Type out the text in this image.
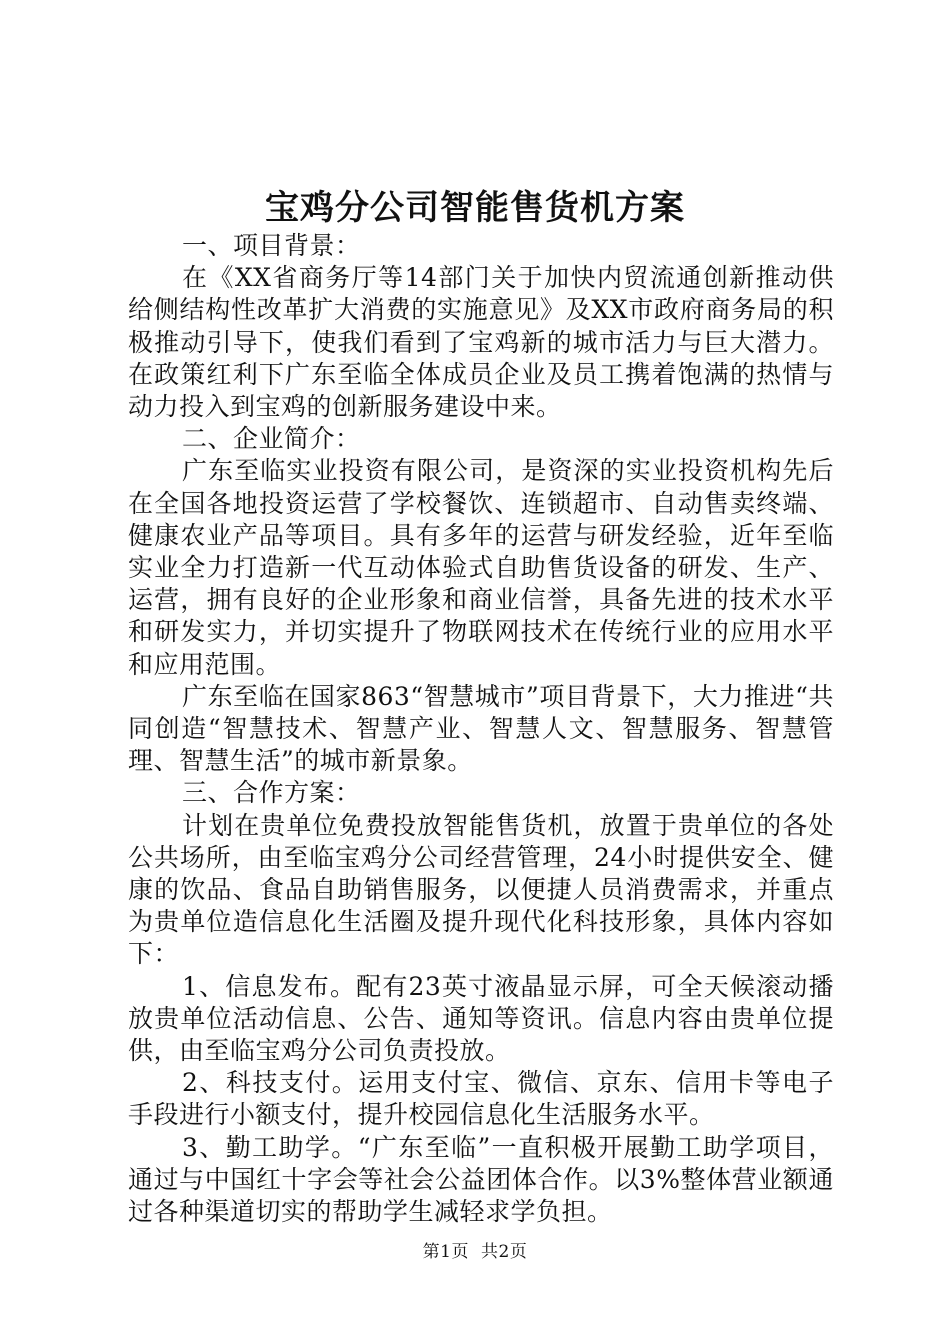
宝鸡分公司智能售货机方案

一、项目背景：

在《XX省商务厅等14部门关于加快内贸流通创新推动供给侧结构性改革扩大消费的实施意见》及XX市政府商务局的积极推动引导下，使我们看到了宝鸡新的城市活力与巨大潜力。在政策红利下广东至临全体成员企业及员工携着饱满的热情与动力投入到宝鸡的创新服务建设中来。

二、企业简介：

广东至临实业投资有限公司，是资深的实业投资机构先后在全国各地投资运营了学校餐饮、连锁超市、自动售卖终端、健康农业产品等项目。具有多年的运营与研发经验，近年至临实业全力打造新一代互动体验式自助售货设备的研发、生产、运营，拥有良好的企业形象和商业信誉，具备先进的技术水平和研发实力，并切实提升了物联网技术在传统行业的应用水平和应用范围。

广东至临在国家863“智慧城市”项目背景下，大力推进“共同创造“智慧技术、智慧产业、智慧人文、智慧服务、智慧管理、智慧生活”的城市新景象。

三、合作方案：

计划在贵单位免费投放智能售货机，放置于贵单位的各处公共场所，由至临宝鸡分公司经营管理，24小时提供安全、健康的饮品、食品自助销售服务，以便捷人员消费需求，并重点为贵单位造信息化生活圈及提升现代化科技形象，具体内容如下：

1、信息发布。配有23英寸液晶显示屏，可全天候滚动播放贵单位活动信息、公告、通知等资讯。信息内容由贵单位提供，由至临宝鸡分公司负责投放。

2、科技支付。运用支付宝、微信、京东、信用卡等电子手段进行小额支付，提升校园信息化生活服务水平。

3、勤工助学。“广东至临”一直积极开展勤工助学项目，通过与中国红十字会等社会公益团体合作。以3%整体营业额通过各种渠道切实的帮助学生减轻求学负担。

第1页 共2页
